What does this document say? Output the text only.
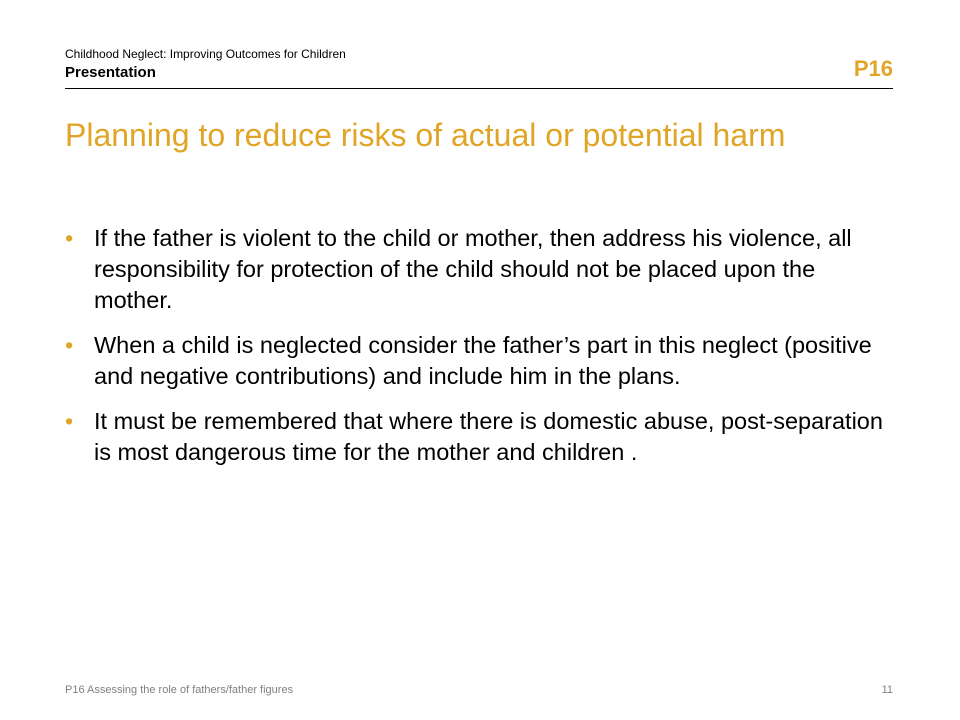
Childhood Neglect: Improving Outcomes for Children
Presentation	P16
Planning to reduce risks of actual or potential harm
• If the father is violent to the child or mother, then address his violence, all responsibility for protection of the child should not be placed upon the mother.
• When a child is neglected consider the father’s part in this neglect (positive and negative contributions) and include him in the plans.
• It must be remembered that where there is domestic abuse, post-separation is most dangerous time for the mother and children .
P16 Assessing the role of fathers/father figures	11
